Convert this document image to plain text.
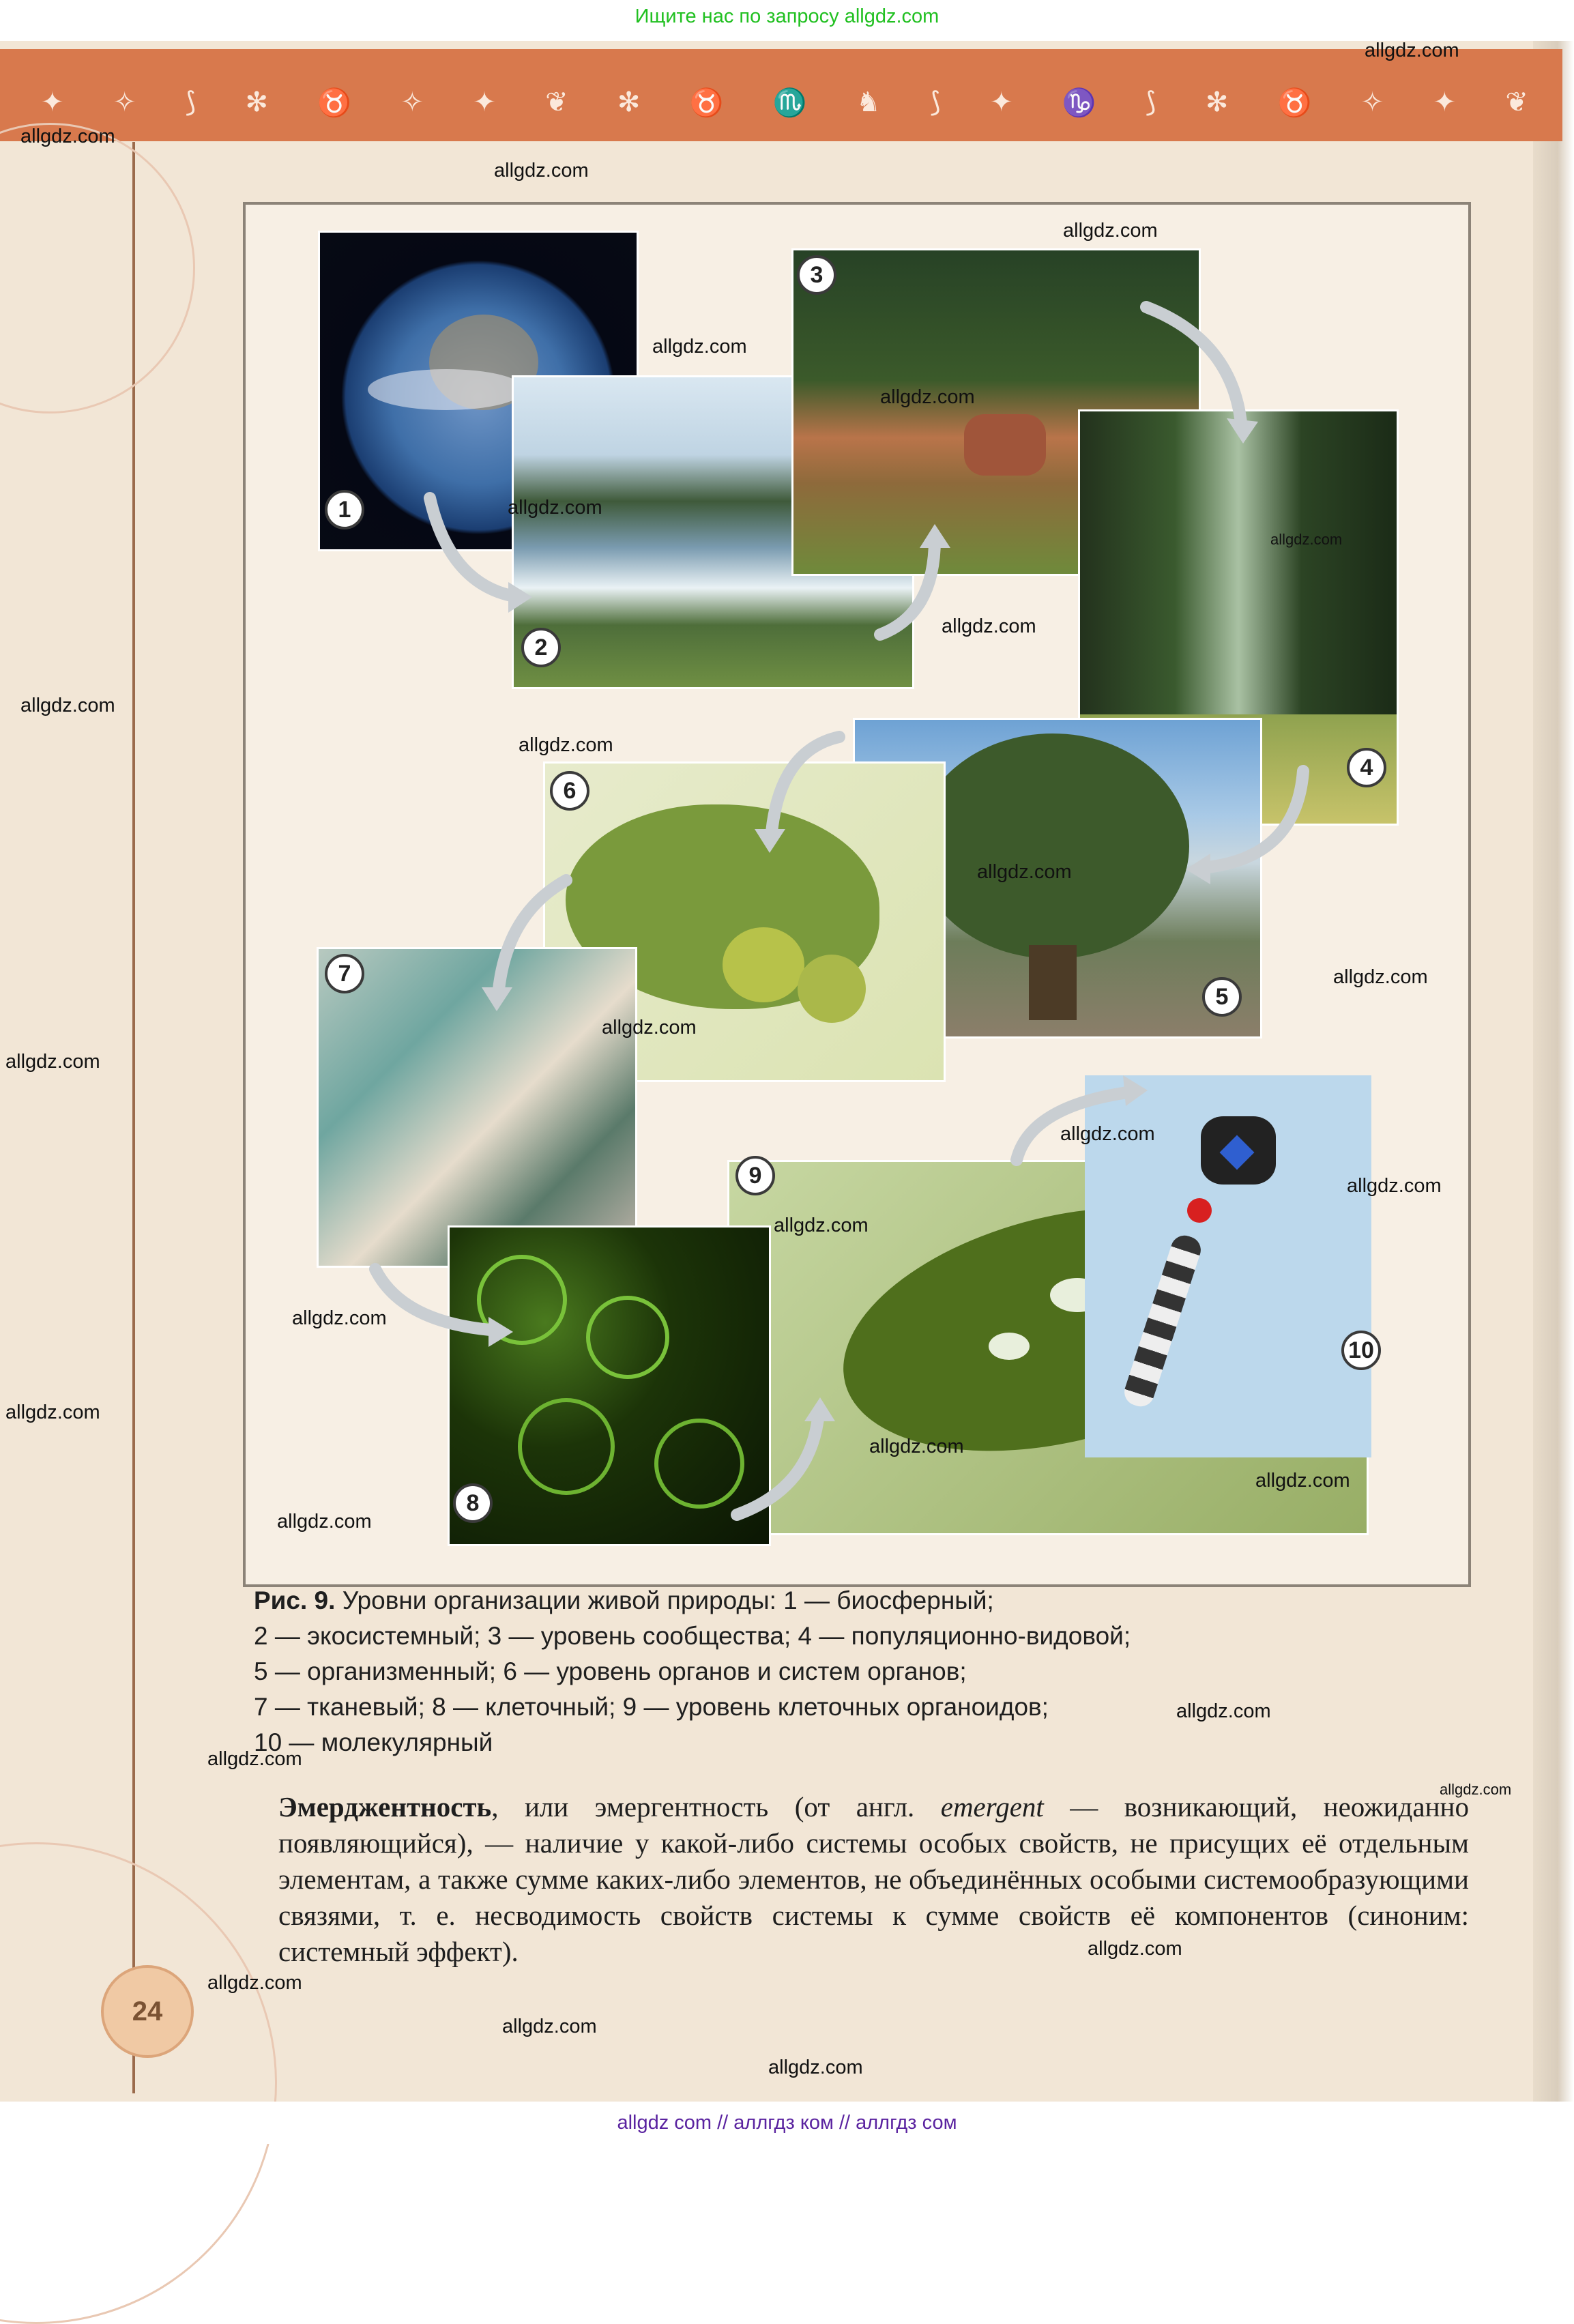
Ищите нас по запросу allgdz.com
✦ ✧ ⟆ ✻ ♉ ✧ ✦ ❦ ✻ ♉ ♏ ♞ ⟆ ✦ ♑ ⟆ ✻ ♉ ✧ ✦ ❦
1
2
3
4
5
6
7
8
9
10
Рис. 9. Уровни организации живой природы: 1 — биосферный;
2 — экосистемный; 3 — уровень сообщества; 4 — популяционно-видовой;
5 — организменный; 6 — уровень органов и систем органов;
7 — тканевый; 8 — клеточный; 9 — уровень клеточных органоидов;
10 — молекулярный
Эмерджентность, или эмергентность (от англ. emergent — возникающий, неожиданно появляющийся), — наличие у какой-либо системы особых свойств, не присущих её отдельным элементам, а также сумме каких-либо элементов, не объединённых особыми системообразующими связями, т. е. несводимость свойств системы к сумме свойств её компонентов (синоним: системный эффект).
24
allgdz.com
allgdz.com
allgdz.com
allgdz.com
allgdz.com
allgdz.com
allgdz.com
allgdz.com
allgdz.com
allgdz.com
allgdz.com
allgdz.com
allgdz.com
allgdz.com
allgdz.com
allgdz.com
allgdz.com
allgdz.com
allgdz.com
allgdz.com
allgdz.com
allgdz.com
allgdz.com
allgdz.com
allgdz.com
allgdz.com
allgdz.com
allgdz.com
allgdz.com
allgdz.com
allgdz com // аллгдз ком // аллгдз сом
